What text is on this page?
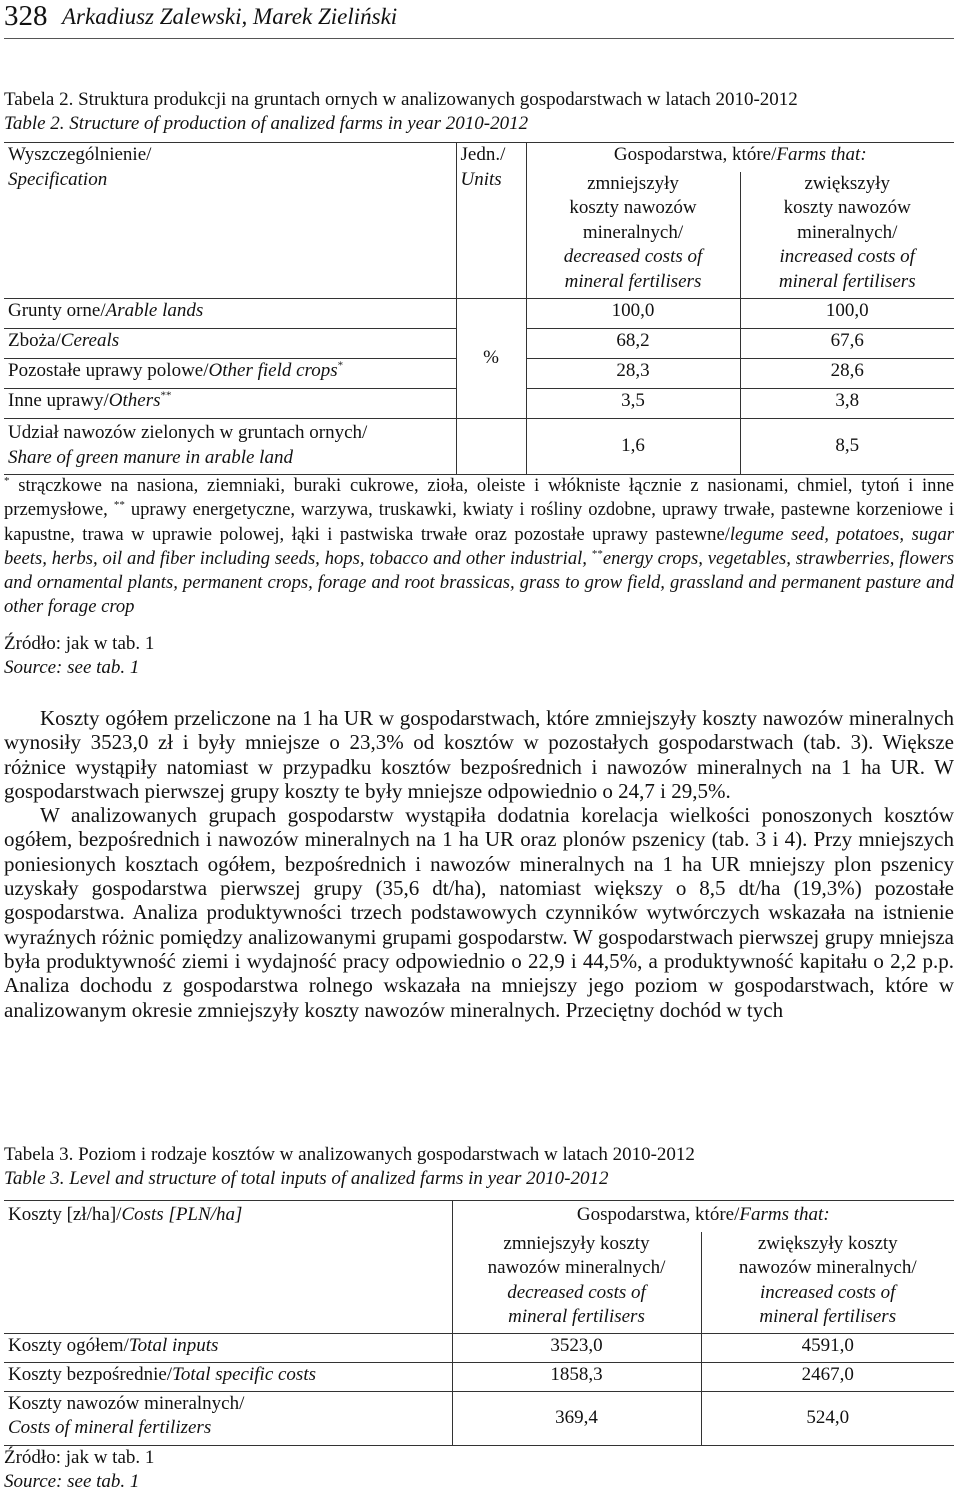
328 Arkadiusz Zalewski, Marek Zieliński
Tabela 2. Struktura produkcji na gruntach ornych w analizowanych gospodarstwach w latach 2010-2012
Table 2. Structure of production of analized farms in year 2010-2012
Wyszczególnienie/
Specification	Jedn./
Units	Gospodarstwa, które/Farms that:	
		zmniejszyły
koszty nawozów
mineralnych/
decreased costs of
mineral fertilisers	zwiększyły
koszty nawozów
mineralnych/
increased costs of
mineral fertilisers
Grunty orne/Arable lands	%	100,0	100,0
Zboża/Cereals		68,2	67,6
Pozostałe uprawy polowe/Other field crops*		28,3	28,6
Inne uprawy/Others**		3,5	3,8
Udział nawozów zielonych w gruntach ornych/
Share of green manure in arable land		1,6	8,5
* strączkowe na nasiona, ziemniaki, buraki cukrowe, zioła, oleiste i włókniste łącznie z nasionami, chmiel, tytoń i inne przemysłowe, ** uprawy energetyczne, warzywa, truskawki, kwiaty i rośliny ozdobne, uprawy trwałe, pastewne korzeniowe i kapustne, trawa w uprawie polowej, łąki i pastwiska trwałe oraz pozostałe uprawy pastewne/legume seed, potatoes, sugar beets, herbs, oil and fiber including seeds, hops, tobacco and other industrial, **energy crops, vegetables, strawberries, flowers and ornamental plants, permanent crops, forage and root brassicas, grass to grow field, grassland and permanent pasture and other forage crop
Źródło: jak w tab. 1
Source: see tab. 1

Koszty ogółem przeliczone na 1 ha UR w gospodarstwach, które zmniejszyły koszty nawozów mineralnych wynosiły 3523,0 zł i były mniejsze o 23,3% od kosztów w pozostałych gospodarstwach (tab. 3). Większe różnice wystąpiły natomiast w przypadku kosztów bezpośrednich i nawozów mineralnych na 1 ha UR. W gospodarstwach pierwszej grupy koszty te były mniejsze odpowiednio o 24,7 i 29,5%.

W analizowanych grupach gospodarstw wystąpiła dodatnia korelacja wielkości ponoszonych kosztów ogółem, bezpośrednich i nawozów mineralnych na 1 ha UR oraz plonów pszenicy (tab. 3 i 4). Przy mniejszych poniesionych kosztach ogółem, bezpośrednich i nawozów mineralnych na 1 ha UR mniejszy plon pszenicy uzyskały gospodarstwa pierwszej grupy (35,6 dt/ha), natomiast większy o 8,5 dt/ha (19,3%) pozostałe gospodarstwa. Analiza produktywności trzech podstawowych czynników wytwórczych wskazała na istnienie wyraźnych różnic pomiędzy analizowanymi grupami gospodarstw. W gospodarstwach pierwszej grupy mniejsza była produktywność ziemi i wydajność pracy odpowiednio o 22,9 i 44,5%, a produktywność kapitału o 2,2 p.p. Analiza dochodu z gospodarstwa rolnego wskazała na mniejszy jego poziom w gospodarstwach, które w analizowanym okresie zmniejszyły koszty nawozów mineralnych. Przeciętny dochód w tych

Tabela 3. Poziom i rodzaje kosztów w analizowanych gospodarstwach w latach 2010-2012
Table 3. Level and structure of total inputs of analized farms in year 2010-2012
Koszty [zł/ha]/Costs [PLN/ha]	Gospodarstwa, które/Farms that:	
	zmniejszyły koszty
nawozów mineralnych/
decreased costs of
mineral fertilisers	zwiększyły koszty
nawozów mineralnych/
increased costs of
mineral fertilisers
Koszty ogółem/Total inputs	3523,0	4591,0
Koszty bezpośrednie/Total specific costs	1858,3	2467,0
Koszty nawozów mineralnych/
Costs of mineral fertilizers	369,4	524,0
Źródło: jak w tab. 1
Source: see tab. 1
